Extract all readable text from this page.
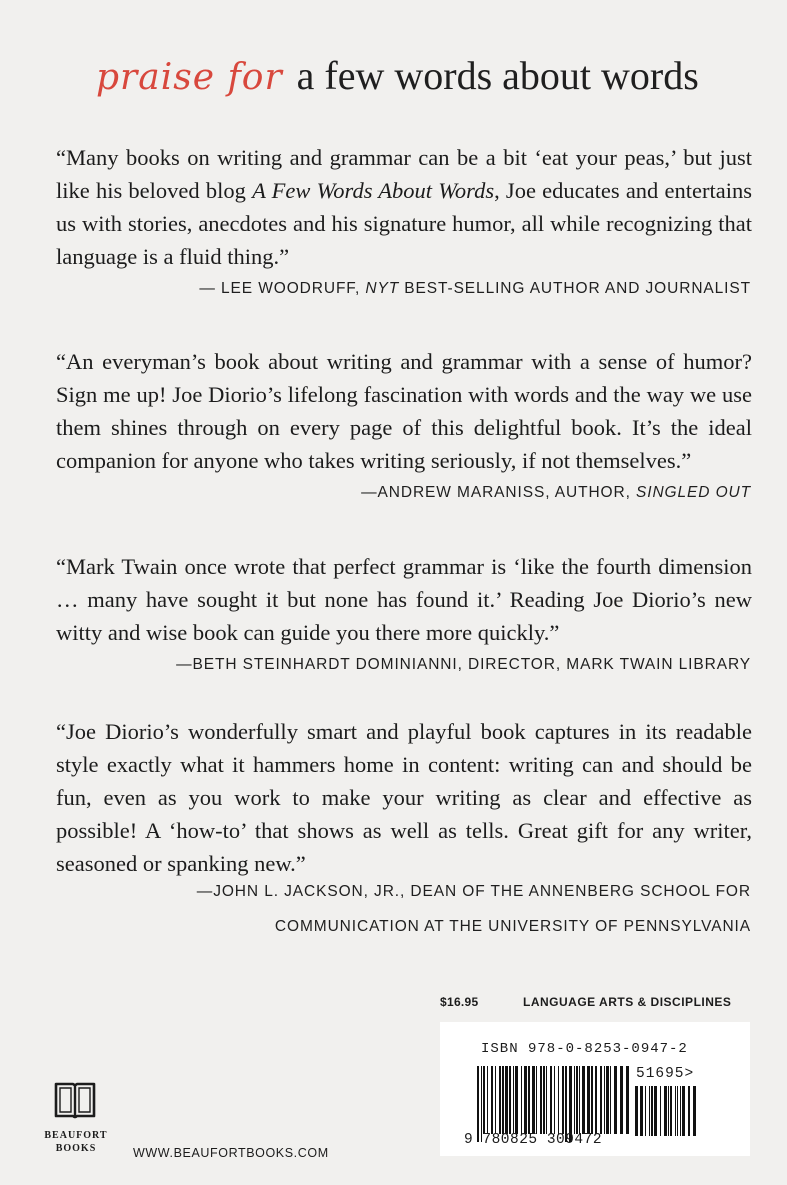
praise for a few words about words

“Many books on writing and grammar can be a bit ‘eat your peas,’ but just like his beloved blog A Few Words About Words, Joe educates and entertains us with stories, anecdotes and his signature humor, all while recognizing that language is a fluid thing.”

— LEE WOODRUFF, NYT BEST-SELLING AUTHOR AND JOURNALIST

“An everyman’s book about writing and grammar with a sense of humor? Sign me up! Joe Diorio’s lifelong fascination with words and the way we use them shines through on every page of this delightful book. It’s the ideal companion for anyone who takes writing seriously, if not themselves.”

—ANDREW MARANISS, AUTHOR, SINGLED OUT

“Mark Twain once wrote that perfect grammar is ‘like the fourth dimension … many have sought it but none has found it.’ Reading Joe Diorio’s new witty and wise book can guide you there more quickly.”

—BETH STEINHARDT DOMINIANNI, DIRECTOR, MARK TWAIN LIBRARY

“Joe Diorio’s wonderfully smart and playful book captures in its readable style exactly what it hammers home in content: writing can and should be fun, even as you work to make your writing as clear and effective as possible! A ‘how-to’ that shows as well as tells. Great gift for any writer, seasoned or spanking new.”

—JOHN L. JACKSON, JR., DEAN OF THE ANNENBERG SCHOOL FOR
COMMUNICATION AT THE UNIVERSITY OF PENNSYLVANIA
$16.95	LANGUAGE ARTS & DISCIPLINES
ISBN 978-0-8253-0947-2
51695>
9 780825 309472
BEAUFORT
BOOKS	WWW.BEAUFORTBOOKS.COM
